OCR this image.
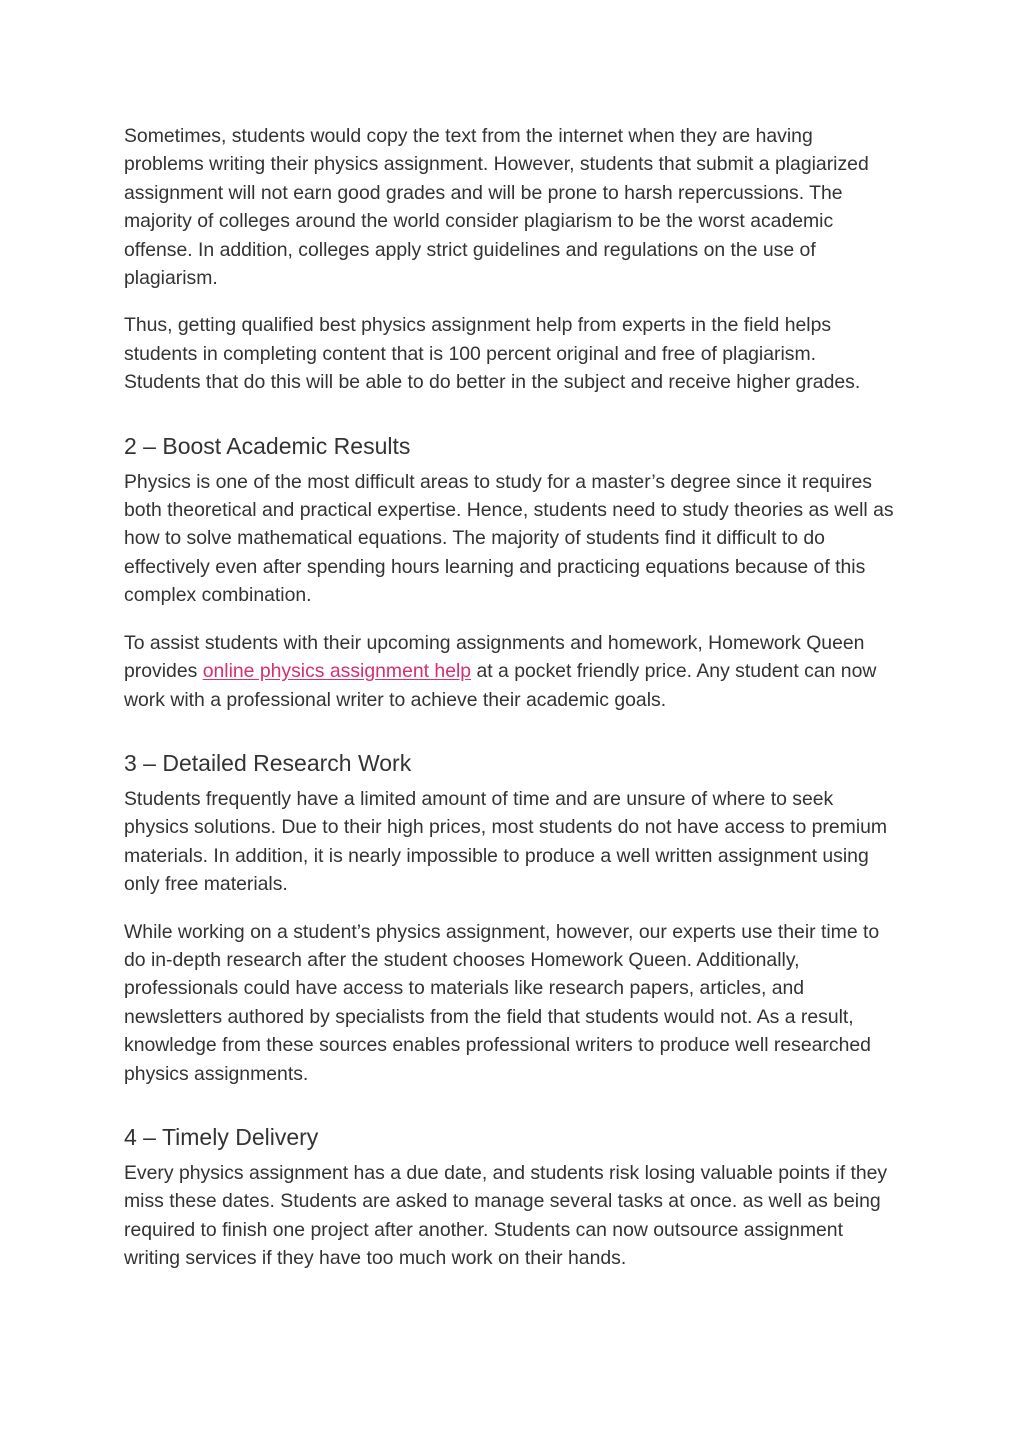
Sometimes, students would copy the text from the internet when they are having problems writing their physics assignment. However, students that submit a plagiarized assignment will not earn good grades and will be prone to harsh repercussions. The majority of colleges around the world consider plagiarism to be the worst academic offense. In addition, colleges apply strict guidelines and regulations on the use of plagiarism.

Thus, getting qualified best physics assignment help from experts in the field helps students in completing content that is 100 percent original and free of plagiarism. Students that do this will be able to do better in the subject and receive higher grades.

2 – Boost Academic Results

Physics is one of the most difficult areas to study for a master’s degree since it requires both theoretical and practical expertise. Hence, students need to study theories as well as how to solve mathematical equations. The majority of students find it difficult to do effectively even after spending hours learning and practicing equations because of this complex combination.

To assist students with their upcoming assignments and homework, Homework Queen provides online physics assignment help at a pocket friendly price. Any student can now work with a professional writer to achieve their academic goals.

3 – Detailed Research Work

Students frequently have a limited amount of time and are unsure of where to seek physics solutions. Due to their high prices, most students do not have access to premium materials. In addition, it is nearly impossible to produce a well written assignment using only free materials.

While working on a student’s physics assignment, however, our experts use their time to do in-depth research after the student chooses Homework Queen. Additionally, professionals could have access to materials like research papers, articles, and newsletters authored by specialists from the field that students would not. As a result, knowledge from these sources enables professional writers to produce well researched physics assignments.

4 – Timely Delivery

Every physics assignment has a due date, and students risk losing valuable points if they miss these dates. Students are asked to manage several tasks at once. as well as being required to finish one project after another. Students can now outsource assignment writing services if they have too much work on their hands.
